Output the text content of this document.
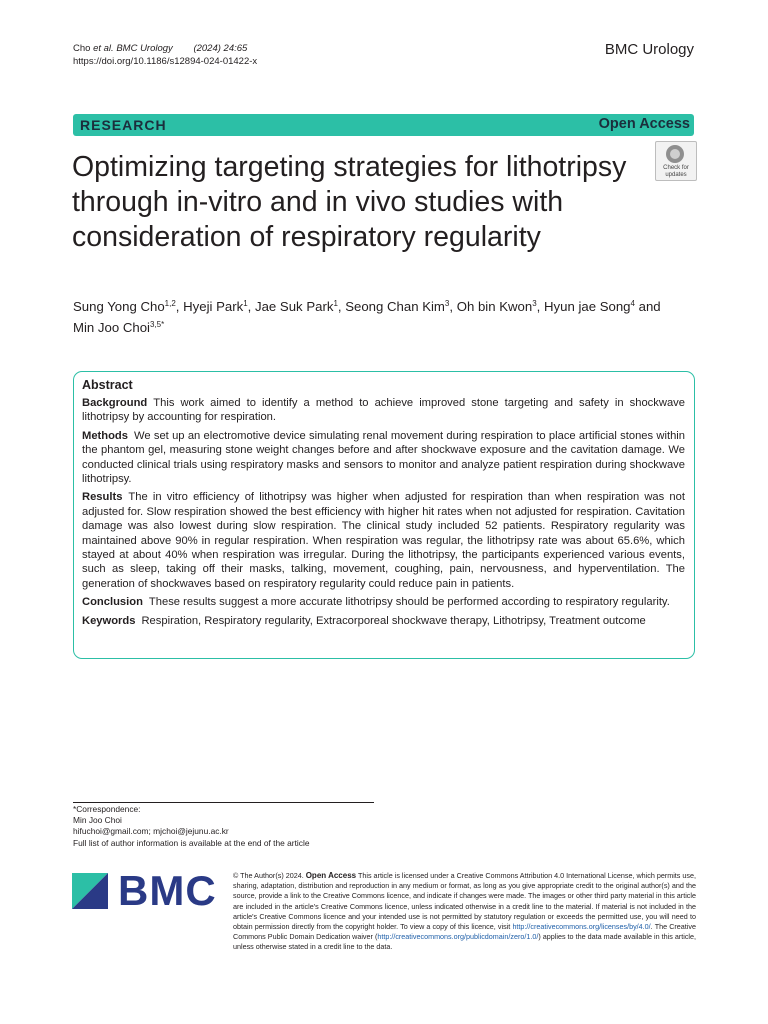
Cho et al. BMC Urology (2024) 24:65
https://doi.org/10.1186/s12894-024-01422-x
BMC Urology
RESEARCH	Open Access
Optimizing targeting strategies for lithotripsy through in-vitro and in vivo studies with consideration of respiratory regularity
Check for
updates
Sung Yong Cho$^{1,2}$, Hyeji Park$^1$, Jae Suk Park$^1$, Seong Chan Kim$^3$, Oh bin Kwon$^3$, Hyun jae Song$^4$ and Min Joo Choi$^{3,5*}$
Abstract

Background This work aimed to identify a method to achieve improved stone targeting and safety in shockwave lithotripsy by accounting for respiration.

Methods We set up an electromotive device simulating renal movement during respiration to place artificial stones within the phantom gel, measuring stone weight changes before and after shockwave exposure and the cavitation damage. We conducted clinical trials using respiratory masks and sensors to monitor and analyze patient respiration during shockwave lithotripsy.

Results The in vitro efficiency of lithotripsy was higher when adjusted for respiration than when respiration was not adjusted for. Slow respiration showed the best efficiency with higher hit rates when not adjusted for respiration. Cavitation damage was also lowest during slow respiration. The clinical study included 52 patients. Respiratory regularity was maintained above 90% in regular respiration. When respiration was regular, the lithotripsy rate was about 65.6%, which stayed at about 40% when respiration was irregular. During the lithotripsy, the participants experienced various events, such as sleep, taking off their masks, talking, movement, coughing, pain, nervousness, and hyperventilation. The generation of shockwaves based on respiratory regularity could reduce pain in patients.

Conclusion These results suggest a more accurate lithotripsy should be performed according to respiratory regularity.

Keywords Respiration, Respiratory regularity, Extracorporeal shockwave therapy, Lithotripsy, Treatment outcome

*Correspondence:
Min Joo Choi
hifuchoi@gmail.com; mjchoi@jejunu.ac.kr
Full list of author information is available at the end of the article
BMC © The Author(s) 2024. Open Access This article is licensed under a Creative Commons Attribution 4.0 International License, which permits use, sharing, adaptation, distribution and reproduction in any medium or format, as long as you give appropriate credit to the original author(s) and the source, provide a link to the Creative Commons licence, and indicate if changes were made. The images or other third party material in this article are included in the article's Creative Commons licence, unless indicated otherwise in a credit line to the material. If material is not included in the article's Creative Commons licence and your intended use is not permitted by statutory regulation or exceeds the permitted use, you will need to obtain permission directly from the copyright holder. To view a copy of this licence, visit http://creativecommons.org/licenses/by/4.0/. The Creative Commons Public Domain Dedication waiver (http://creativecommons.org/publicdomain/zero/1.0/) applies to the data made available in this article, unless otherwise stated in a credit line to the data.
